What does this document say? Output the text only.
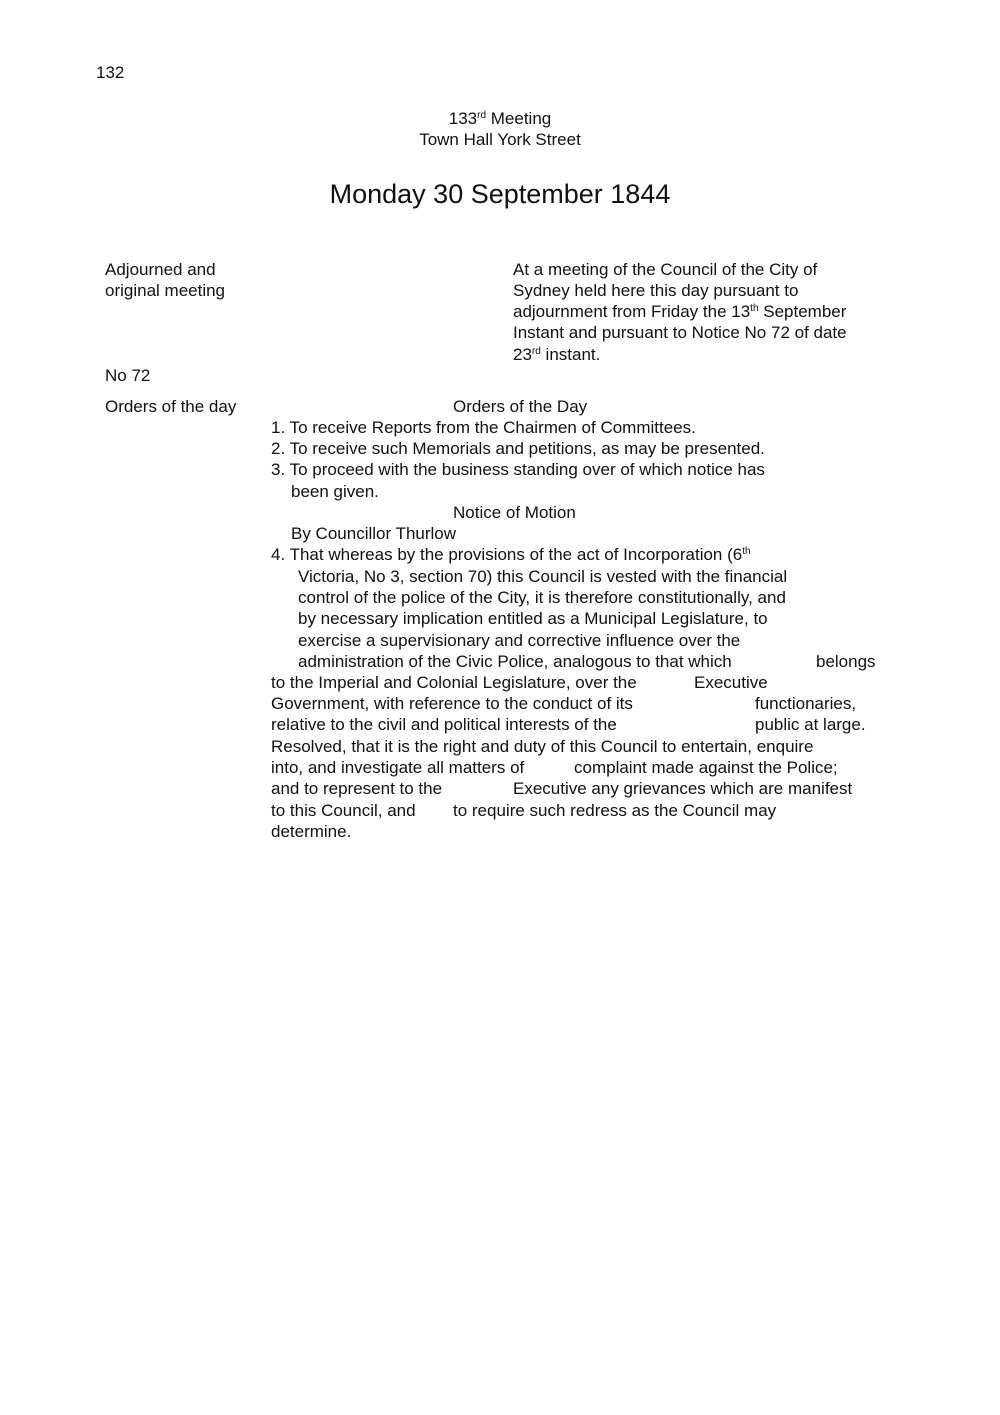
132
133rd Meeting
Town Hall York Street
Monday 30 September 1844
Adjourned and
original meeting
No 72
Orders of the day
At a meeting of the Council of the City of
Sydney held here this day pursuant to
adjournment from Friday the 13th September
Instant and pursuant to Notice No 72 of date
23rd instant.
Orders of the Day
1. To receive Reports from the Chairmen of Committees.
2. To receive such Memorials and petitions, as may be presented.
3. To proceed with the business standing over of which notice has
been given.
Notice of Motion
By Councillor Thurlow
4. That whereas by the provisions of the act of Incorporation (6th
Victoria, No 3, section 70) this Council is vested with the financial
control of the police of the City, it is therefore constitutionally, and
by necessary implication entitled as a Municipal Legislature, to
exercise a supervisionary and corrective influence over the
administration of the Civic Police, analogous to that which	belongs
to the Imperial and Colonial Legislature, over the	Executive
Government, with reference to the conduct of its	functionaries,
relative to the civil and political interests of the	public at large.
Resolved, that it is the right and duty of this Council to entertain, enquire
into, and investigate all matters of	complaint made against the Police;
and to represent to the	Executive any grievances which are manifest
to this Council, and to require such redress as the Council may
determine.
